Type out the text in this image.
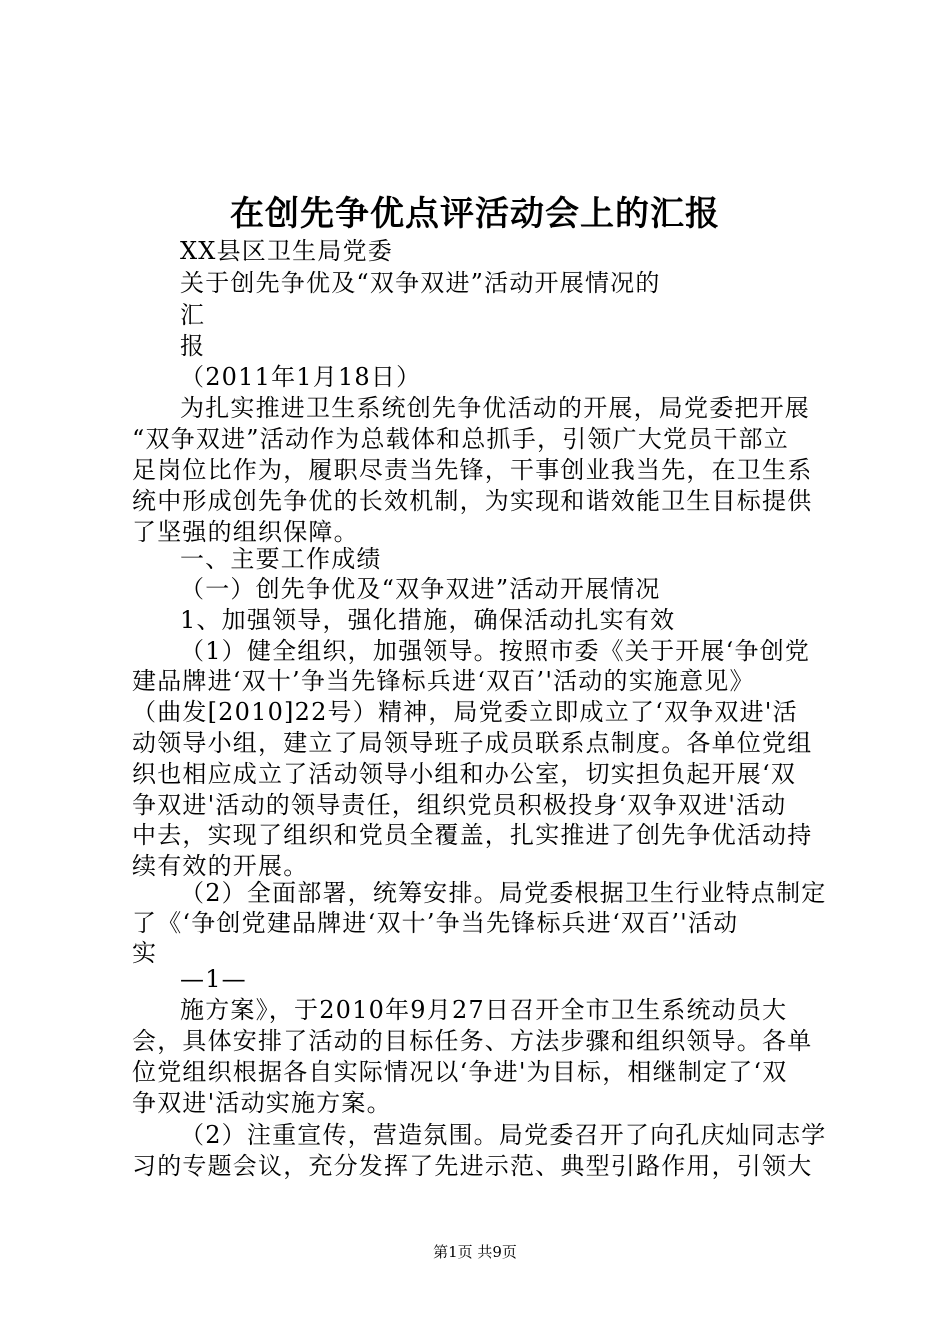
在创先争优点评活动会上的汇报
XX县区卫生局党委
关于创先争优及“双争双进”活动开展情况的
汇
报
（2011年1月18日）
为扎实推进卫生系统创先争优活动的开展，局党委把开展
“双争双进”活动作为总载体和总抓手，引领广大党员干部立
足岗位比作为，履职尽责当先锋，干事创业我当先，在卫生系
统中形成创先争优的长效机制，为实现和谐效能卫生目标提供
了坚强的组织保障。
一、主要工作成绩
（一）创先争优及“双争双进”活动开展情况
1、加强领导，强化措施，确保活动扎实有效
（1）健全组织，加强领导。按照市委《关于开展‘争创党
建品牌进‘双十’争当先锋标兵进‘双百’'活动的实施意见》
（曲发[2010]22号）精神，局党委立即成立了‘双争双进'活
动领导小组，建立了局领导班子成员联系点制度。各单位党组
织也相应成立了活动领导小组和办公室，切实担负起开展‘双
争双进'活动的领导责任，组织党员积极投身‘双争双进'活动
中去，实现了组织和党员全覆盖，扎实推进了创先争优活动持
续有效的开展。
（2）全面部署，统筹安排。局党委根据卫生行业特点制定
了《‘争创党建品牌进‘双十’争当先锋标兵进‘双百’'活动
实
—1—
施方案》，于2010年9月27日召开全市卫生系统动员大
会，具体安排了活动的目标任务、方法步骤和组织领导。各单
位党组织根据各自实际情况以‘争进'为目标，相继制定了‘双
争双进'活动实施方案。
（2）注重宣传，营造氛围。局党委召开了向孔庆灿同志学
习的专题会议，充分发挥了先进示范、典型引路作用，引领大
第1页 共9页
